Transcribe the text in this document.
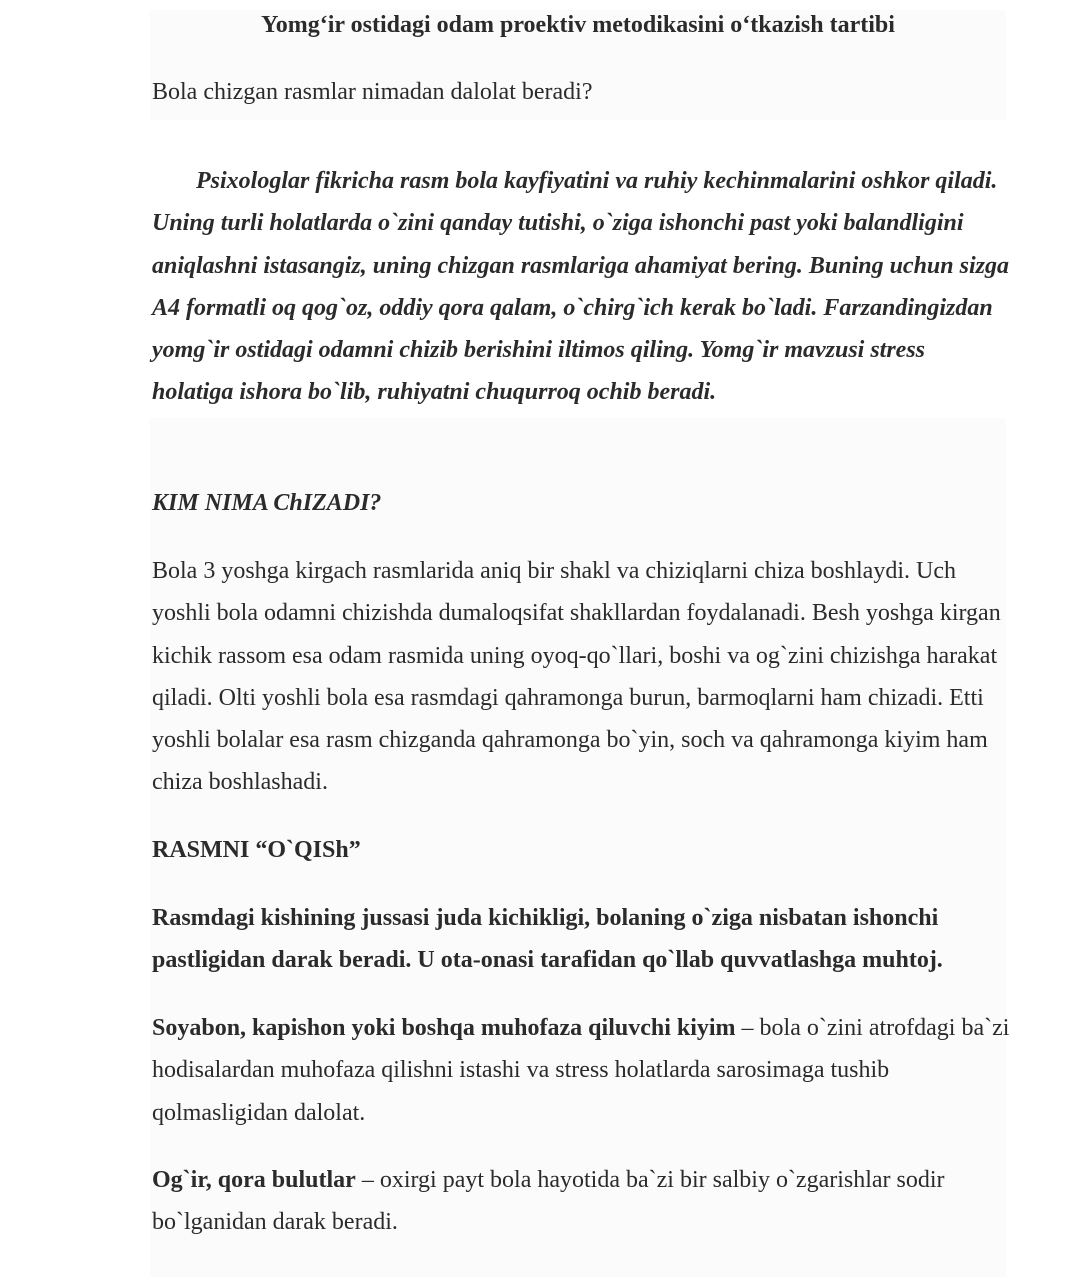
Yomg‘ir ostidagi odam proektiv metodikasini o‘tkazish tartibi

Bola chizgan rasmlar nimadan dalolat beradi?

Psixologlar fikricha rasm bola kayfiyatini va ruhiy kechinmalarini oshkor qiladi. Uning turli holatlarda o`zini qanday tutishi, o`ziga ishonchi past yoki balandligini aniqlashni istasangiz, uning chizgan rasmlariga ahamiyat bering. Buning uchun sizga A4 formatli oq qog`oz, oddiy qora qalam, o`chirg`ich kerak bo`ladi. Farzandingizdan yomg`ir ostidagi odamni chizib berishini iltimos qiling. Yomg`ir mavzusi stress holatiga ishora bo`lib, ruhiyatni chuqurroq ochib beradi.

KIM NIMA ChIZADI?

Bola 3 yoshga kirgach rasmlarida aniq bir shakl va chiziqlarni chiza boshlaydi. Uch yoshli bola odamni chizishda dumaloqsifat shakllardan foydalanadi. Besh yoshga kirgan kichik rassom esa odam rasmida uning oyoq-qo`llari, boshi va og`zini chizishga harakat qiladi. Olti yoshli bola esa rasmdagi qahramonga burun, barmoqlarni ham chizadi. Etti yoshli bolalar esa rasm chizganda qahramonga bo`yin, soch va qahramonga kiyim ham chiza boshlashadi.

RASMNI “O`QISh”

Rasmdagi kishining jussasi juda kichikligi, bolaning o`ziga nisbatan ishonchi pastligidan darak beradi. U ota-onasi tarafidan qo`llab quvvatlashga muhtoj.

Soyabon, kapishon yoki boshqa muhofaza qiluvchi kiyim – bola o`zini atrofdagi ba`zi hodisalardan muhofaza qilishni istashi va stress holatlarda sarosimaga tushib qolmasligidan dalolat.

Og`ir, qora bulutlar – oxirgi payt bola hayotida ba`zi bir salbiy o`zgarishlar sodir bo`lganidan darak beradi.
